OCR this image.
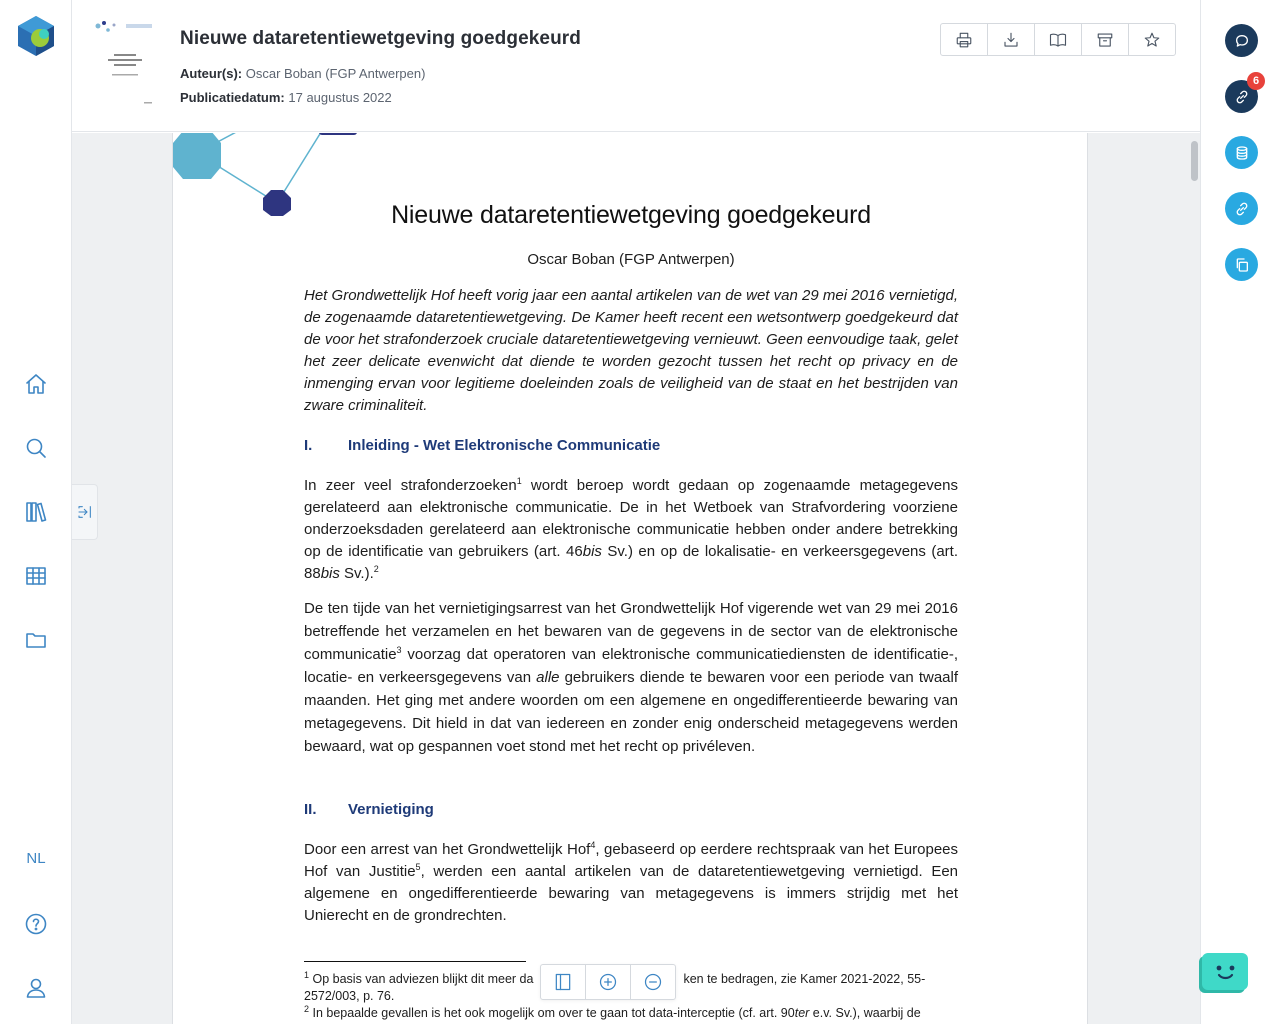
NL
Nieuwe dataretentiewetgeving goedgekeurd
Auteur(s): Oscar Boban (FGP Antwerpen)
Publicatiedatum: 17 augustus 2022
Nieuwe dataretentiewetgeving goedgekeurd
Oscar Boban (FGP Antwerpen)
Het Grondwettelijk Hof heeft vorig jaar een aantal artikelen van de wet van 29 mei 2016 vernietigd, de zogenaamde dataretentiewetgeving. De Kamer heeft recent een wetsontwerp goedgekeurd dat de voor het strafonderzoek cruciale dataretentiewetgeving vernieuwt. Geen eenvoudige taak, gelet het zeer delicate evenwicht dat diende te worden gezocht tussen het recht op privacy en de inmenging ervan voor legitieme doeleinden zoals de veiligheid van de staat en het bestrijden van zware criminaliteit.
I.	Inleiding - Wet Elektronische Communicatie
In zeer veel strafonderzoeken$^1$ wordt beroep wordt gedaan op zogenaamde metagegevens gerelateerd aan elektronische communicatie. De in het Wetboek van Strafvordering voorziene onderzoeksdaden gerelateerd aan elektronische communicatie hebben onder andere betrekking op de identificatie van gebruikers (art. 46bis Sv.) en op de lokalisatie- en verkeersgegevens (art. 88bis Sv.).$^2$
De ten tijde van het vernietigingsarrest van het Grondwettelijk Hof vigerende wet van 29 mei 2016 betreffende het verzamelen en het bewaren van de gegevens in de sector van de elektronische communicatie$^3$ voorzag dat operatoren van elektronische communicatiediensten de identificatie-, locatie- en verkeersgegevens van alle gebruikers diende te bewaren voor een periode van twaalf maanden. Het ging met andere woorden om een algemene en ongedifferentieerde bewaring van metagegevens. Dit hield in dat van iedereen en zonder enig onderscheid metagegevens werden bewaard, wat op gespannen voet stond met het recht op privéleven.
II.	Vernietiging
Door een arrest van het Grondwettelijk Hof$^4$, gebaseerd op eerdere rechtspraak van het Europees Hof van Justitie$^5$, werden een aantal artikelen van de dataretentiewetgeving vernietigd. Een algemene en ongedifferentieerde bewaring van metagegevens is immers strijdig met het Unierecht en de grondrechten.
$^1$ Op basis van adviezen blijkt dit meer da	ken te bedragen, zie Kamer 2021-2022, 55-
2572/003, p. 76.
$^2$ In bepaalde gevallen is het ook mogelijk om over te gaan tot data-interceptie (cf. art. 90ter e.v. Sv.), waarbij de
6
